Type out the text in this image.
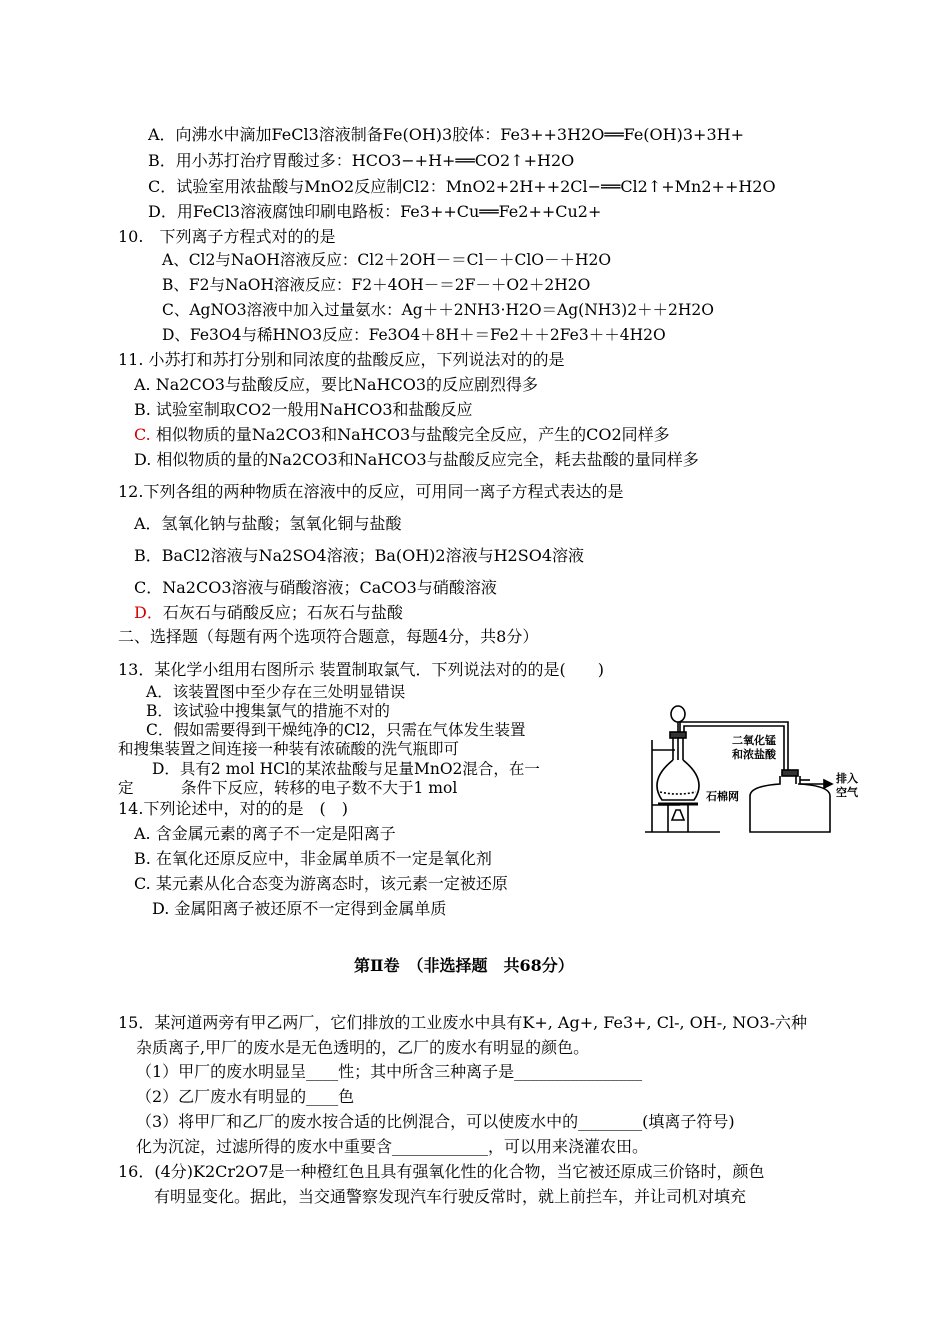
A．向沸水中滴加FeCl3溶液制备Fe(OH)3胶体：Fe3++3H2O══Fe(OH)3+3H+
B．用小苏打治疗胃酸过多：HCO3−+H+══CO2↑+H2O
C．试验室用浓盐酸与MnO2反应制Cl2：MnO2+2H++2Cl−══Cl2↑+Mn2++H2O
D．用FeCl3溶液腐蚀印刷电路板：Fe3++Cu══Fe2++Cu2+
10.　下列离子方程式对的的是
A、Cl2与NaOH溶液反应：Cl2＋2OH－＝Cl－＋ClO－＋H2O
B、F2与NaOH溶液反应：F2＋4OH－＝2F－＋O2＋2H2O
C、AgNO3溶液中加入过量氨水：Ag＋＋2NH3·H2O＝Ag(NH3)2＋＋2H2O
D、Fe3O4与稀HNO3反应：Fe3O4＋8H＋＝Fe2＋＋2Fe3＋＋4H2O
11. 小苏打和苏打分别和同浓度的盐酸反应，下列说法对的的是
A. Na2CO3与盐酸反应，要比NaHCO3的反应剧烈得多
B. 试验室制取CO2一般用NaHCO3和盐酸反应
C. 相似物质的量Na2CO3和NaHCO3与盐酸完全反应，产生的CO2同样多
D. 相似物质的量的Na2CO3和NaHCO3与盐酸反应完全，耗去盐酸的量同样多
12.下列各组的两种物质在溶液中的反应，可用同一离子方程式表达的是
A．氢氧化钠与盐酸；氢氧化铜与盐酸
B．BaCl2溶液与Na2SO4溶液；Ba(OH)2溶液与H2SO4溶液
C．Na2CO3溶液与硝酸溶液；CaCO3与硝酸溶液
D．石灰石与硝酸反应；石灰石与盐酸
二、选择题（每题有两个选项符合题意，每题4分，共8分）
13．某化学小组用右图所示 装置制取氯气．下列说法对的的是(　　)
A．该装置图中至少存在三处明显错误
B．该试验中搜集氯气的措施不对的
C．假如需要得到干燥纯净的Cl2，只需在气体发生装置
和搜集装置之间连接一种装有浓硫酸的洗气瓶即可
D．具有2 mol HCl的某浓盐酸与足量MnO2混合，在一
定	条件下反应，转移的电子数不大于1 mol
二氧化锰
和浓盐酸
石棉网
排入
空气
14.下列论述中，对的的是　(　)
A. 含金属元素的离子不一定是阳离子
B. 在氧化还原反应中，非金属单质不一定是氧化剂
C. 某元素从化合态变为游离态时，该元素一定被还原
D. 金属阳离子被还原不一定得到金属单质
第Ⅱ卷　（非选择题　共68分）
15．某河道两旁有甲乙两厂，它们排放的工业废水中具有K+, Ag+, Fe3+, Cl-, OH-, NO3-六种
杂质离子,甲厂的废水是无色透明的，乙厂的废水有明显的颜色。
（1）甲厂的废水明显呈____性；其中所含三种离子是________________
（2）乙厂废水有明显的____色
（3）将甲厂和乙厂的废水按合适的比例混合，可以使废水中的________(填离子符号)
化为沉淀，过滤所得的废水中重要含____________，可以用来浇灌农田。
16．(4分)K2Cr2O7是一种橙红色且具有强氧化性的化合物，当它被还原成三价铬时，颜色
有明显变化。据此，当交通警察发现汽车行驶反常时，就上前拦车，并让司机对填充
